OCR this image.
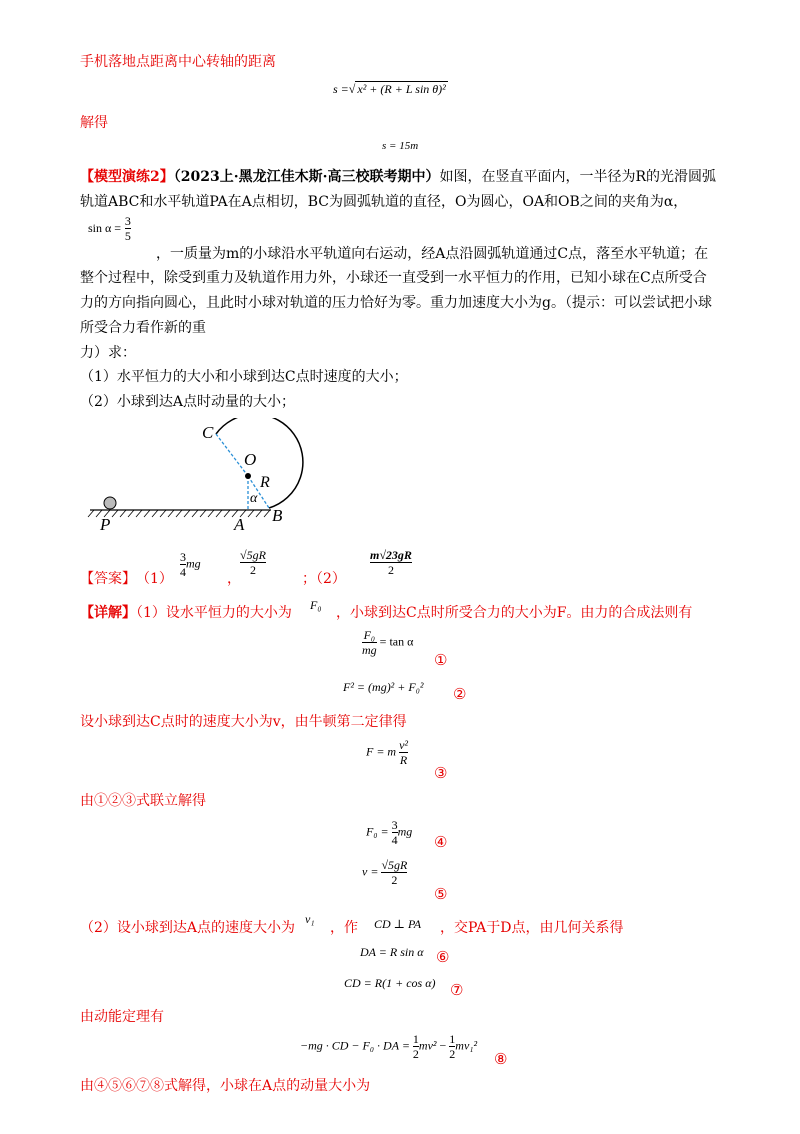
手机落地点距离中心转轴的距离
s =√ x² + (R + L sin θ)²
解得
s = 15m
【模型演练2】（2023上·黑龙江佳木斯·高三校联考期中）如图，在竖直平面内，一半径为R的光滑圆弧
轨道ABC和水平轨道PA在A点相切，BC为圆弧轨道的直径，O为圆心，OA和OB之间的夹角为α，
$\sin \alpha = \frac{3}{5}$
，一质量为m的小球沿水平轨道向右运动，经A点沿圆弧轨道通过C点，落至水平轨道；在
整个过程中，除受到重力及轨道作用力外，小球还一直受到一水平恒力的作用，已知小球在C点所受合
力的方向指向圆心，且此时小球对轨道的压力恰好为零。重力加速度大小为g。（提示：可以尝试把小球
所受合力看作新的重
力）求：
（1）水平恒力的大小和小球到达C点时速度的大小；
（2）小球到达A点时动量的大小；
C
O
R
α
P	A B
【答案】 $(1) \frac{3}{4}$ mg
，
$\frac{√5gR}{2}$
；（2）
$\frac{m√23gR}{2}$
【详解】（1）设水平恒力的大小为 F₀ ，小球到达C点时所受合力的大小为F。由力的合成法则有
$\frac{\text{F₀}}{mg} = \tan \alpha$
①
F² = (mg)² + F₀² ②
设小球到达C点时的速度大小为v，由牛顿第二定律得
F = m $\frac{\text{v²}}{R}$
③
由①②③式联立解得
$F_0 = \frac{3}{4}$ mg
④
$v = \frac{√5gR}{2}$
⑤
（2）设小球到达A点的速度大小为
v₁
，作 CD ⊥ PA ，交PA于D点，由几何关系得
DA = R sin α ⑥
CD = R(1 + cos α) ⑦
由动能定理有
−mg · CD − F₀ · DA = $\frac{1}{2} mv^2 - \frac{1}{2} mv_1^2$
⑧
由④⑤⑥⑦⑧式解得，小球在A点的动量大小为
